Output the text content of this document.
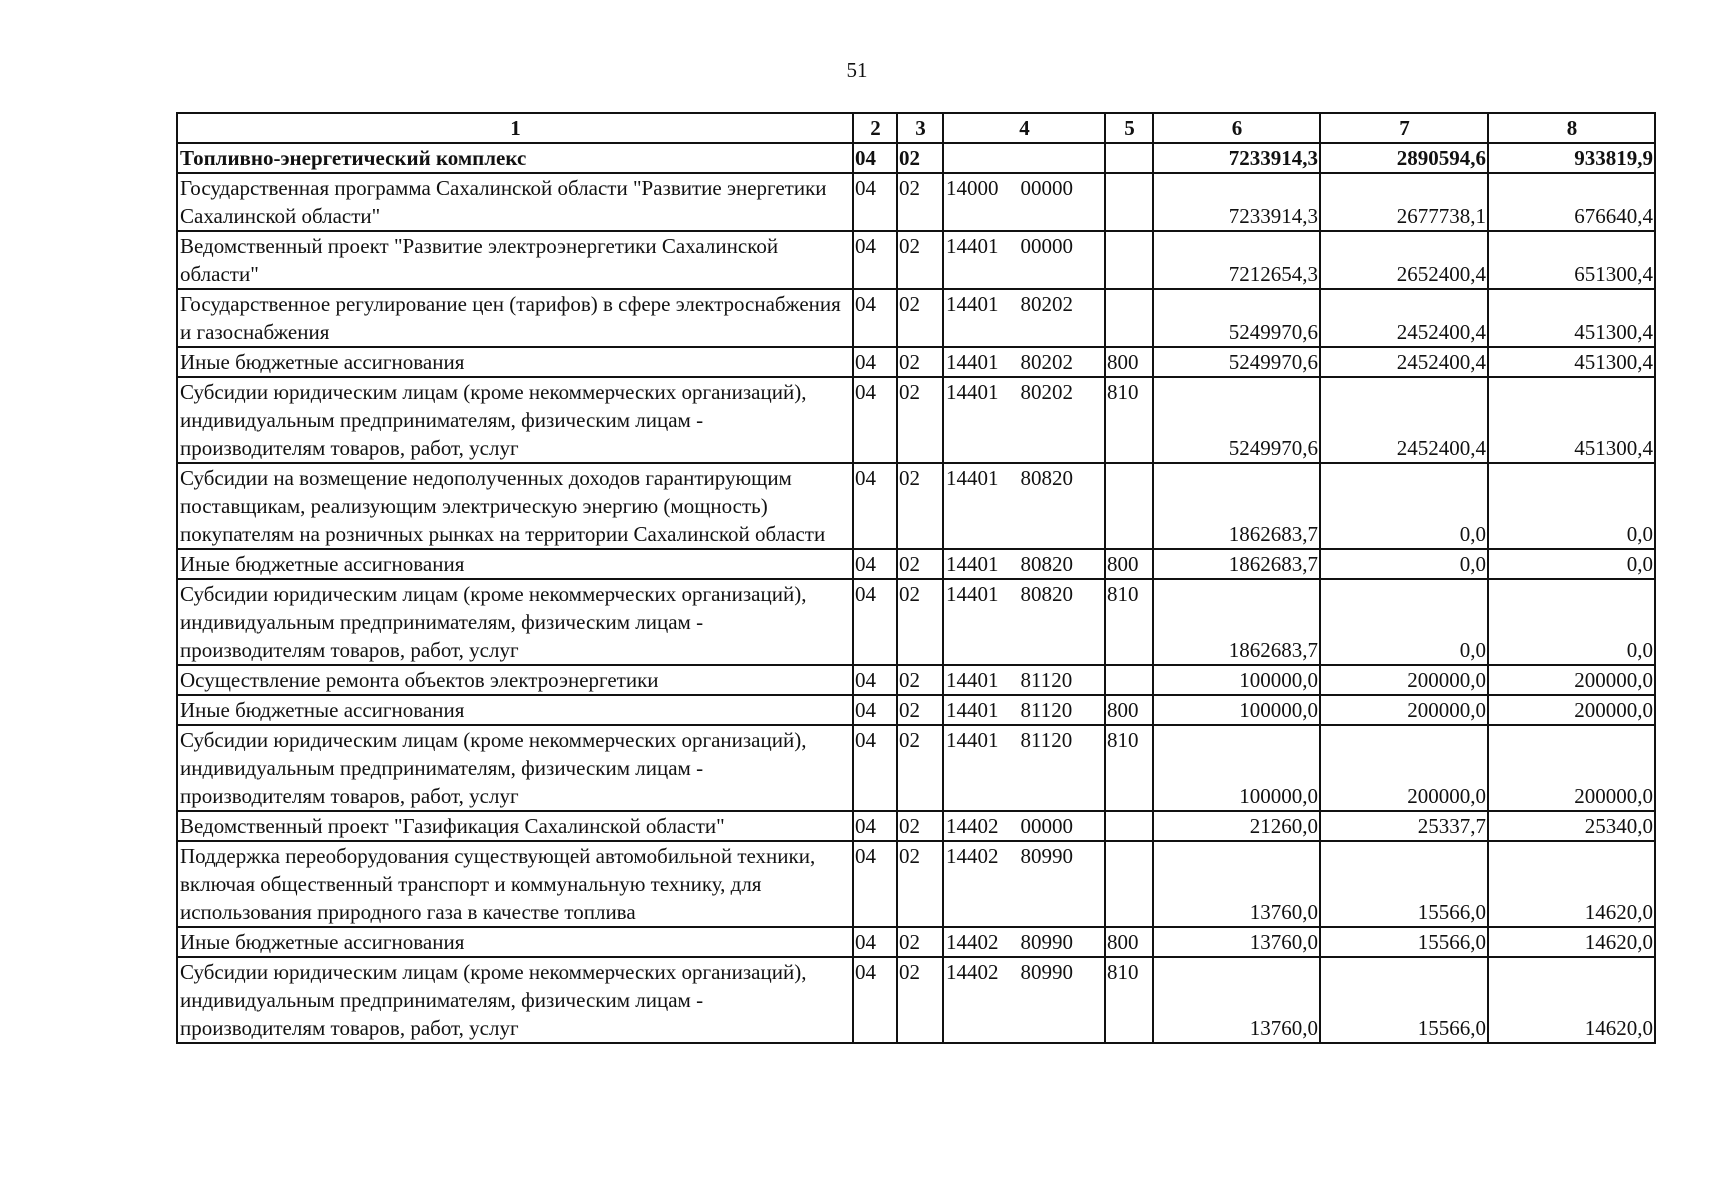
51
1	2	3	4	5	6	7	8
Топливно-энергетический комплекс	04	02			7233914,3	2890594,6	933819,9
Государственная программа Сахалинской области "Развитие энергетики Сахалинской области"	04	02	14000 00000		7233914,3	2677738,1	676640,4
Ведомственный проект "Развитие электроэнергетики Сахалинской области"	04	02	14401 00000		7212654,3	2652400,4	651300,4
Государственное регулирование цен (тарифов) в сфере электроснабжения и газоснабжения	04	02	14401 80202		5249970,6	2452400,4	451300,4
Иные бюджетные ассигнования	04	02	14401 80202	800	5249970,6	2452400,4	451300,4
Субсидии юридическим лицам (кроме некоммерческих организаций), индивидуальным предпринимателям, физическим лицам - производителям товаров, работ, услуг	04	02	14401 80202	810	5249970,6	2452400,4	451300,4
Субсидии на возмещение недополученных доходов гарантирующим поставщикам, реализующим электрическую энергию (мощность) покупателям на розничных рынках на территории Сахалинской области	04	02	14401 80820		1862683,7	0,0	0,0
Иные бюджетные ассигнования	04	02	14401 80820	800	1862683,7	0,0	0,0
Субсидии юридическим лицам (кроме некоммерческих организаций), индивидуальным предпринимателям, физическим лицам - производителям товаров, работ, услуг	04	02	14401 80820	810	1862683,7	0,0	0,0
Осуществление ремонта объектов электроэнергетики	04	02	14401 81120		100000,0	200000,0	200000,0
Иные бюджетные ассигнования	04	02	14401 81120	800	100000,0	200000,0	200000,0
Субсидии юридическим лицам (кроме некоммерческих организаций), индивидуальным предпринимателям, физическим лицам - производителям товаров, работ, услуг	04	02	14401 81120	810	100000,0	200000,0	200000,0
Ведомственный проект "Газификация Сахалинской области"	04	02	14402 00000		21260,0	25337,7	25340,0
Поддержка переоборудования существующей автомобильной техники, включая общественный транспорт и коммунальную технику, для использования природного газа в качестве топлива	04	02	14402 80990		13760,0	15566,0	14620,0
Иные бюджетные ассигнования	04	02	14402 80990	800	13760,0	15566,0	14620,0
Субсидии юридическим лицам (кроме некоммерческих организаций), индивидуальным предпринимателям, физическим лицам - производителям товаров, работ, услуг	04	02	14402 80990	810	13760,0	15566,0	14620,0
